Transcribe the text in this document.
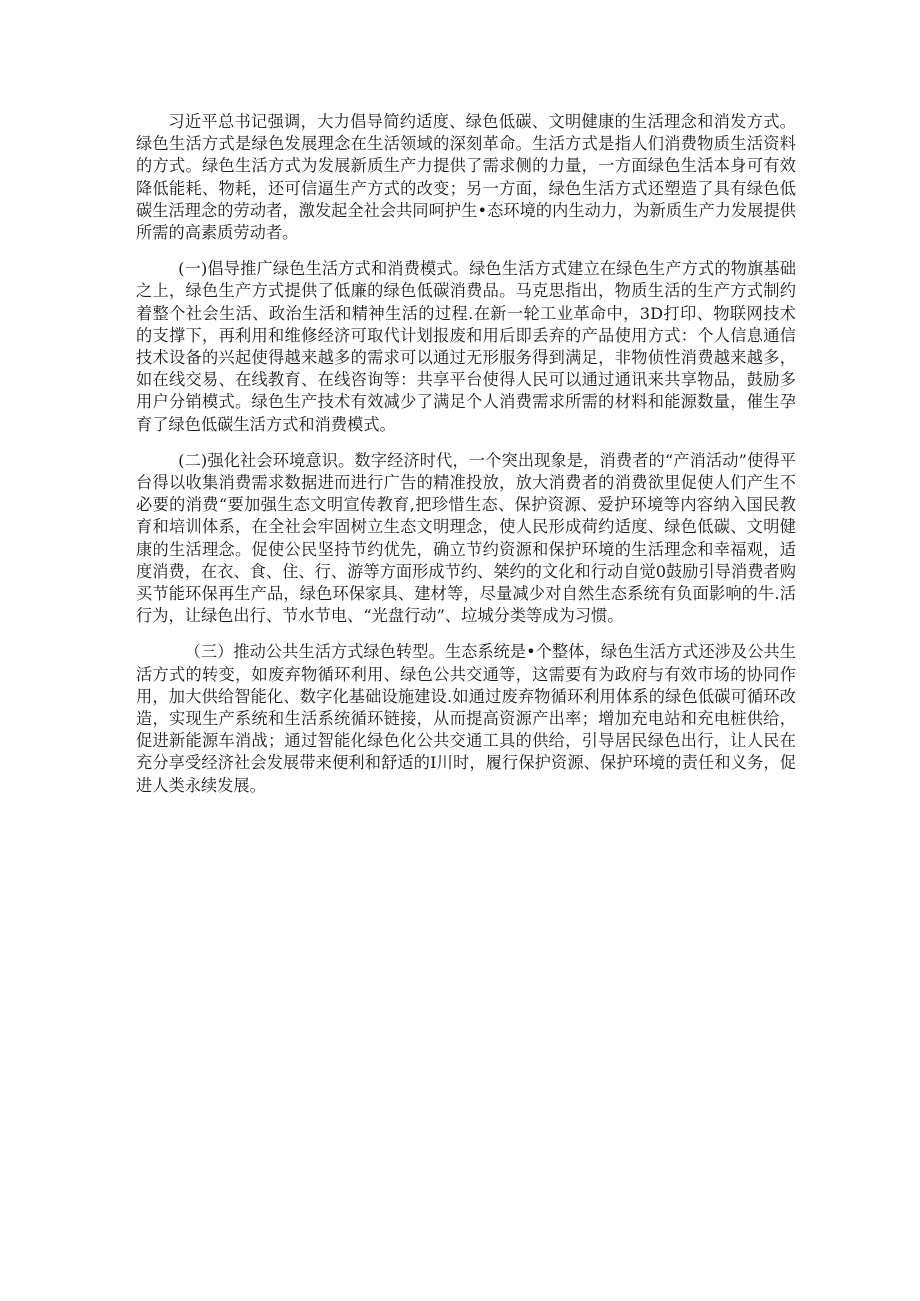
习近平总书记强调，大力倡导简约适度、绿色低碳、文明健康的生活理念和消发方式。绿色生活方式是绿色发展理念在生活领域的深刻革命。生活方式是指人们消费物质生活资料的方式。绿色生活方式为发展新质生产力提供了需求侧的力量，一方面绿色生活本身可有效降低能耗、物耗，还可信逼生产方式的改变；另一方面，绿色生活方式还塑造了具有绿色低碳生活理念的劳动者，激发起全社会共同呵护生•态环境的内生动力，为新质生产力发展提供所需的高素质劳动者。

(一)倡导推广绿色生活方式和消费模式。绿色生活方式建立在绿色生产方式的物旗基础之上，绿色生产方式提供了低廉的绿色低碳消费品。马克思指出，物质生活的生产方式制约着整个社会生活、政治生活和精神生活的过程.在新一轮工业革命中，3D打印、物联网技术的支撑下，再利用和维修经济可取代计划报废和用后即丢弃的产品使用方式：个人信息通信技术设备的兴起使得越来越多的需求可以通过无形服务得到满足，非物侦性消费越来越多，如在线交易、在线教育、在线咨询等：共享平台使得人民可以通过通讯来共享物品，鼓励多用户分销模式。绿色生产技术有效减少了满足个人消费需求所需的材料和能源数量，催生孕育了绿色低碳生活方式和消费模式。

(二)强化社会环境意识。数字经济时代，一个突出现象是，消费者的“产消活动”使得平台得以收集消费需求数据进而进行广告的精准投放，放大消费者的消费欲里促使人们产生不必要的消费“要加强生态文明宣传教育,把珍惜生态、保护资源、爱护环境等内容纳入国民教育和培训体系，在全社会牢固树立生态文明理念，使人民形成荷约适度、绿色低碳、文明健康的生活理念。促使公民坚持节约优先，确立节约资源和保护环境的生活理念和幸福观，适度消费，在衣、食、住、行、游等方面形成节约、桀约的文化和行动自觉0鼓励引导消费者购买节能环保再生产品，绿色环保家具、建材等，尽量减少对自然生态系统有负面影响的牛.活行为，让绿色出行、节水节电、“光盘行动”、垃城分类等成为习惯。

（三）推动公共生活方式绿色转型。生态系统是•个整体，绿色生活方式还涉及公共生活方式的转变，如废弃物循环利用、绿色公共交通等，这需要有为政府与有效市场的协同作用，加大供给智能化、数字化基础设施建设.如通过废弃物循环利用体系的绿色低碳可循环改造，实现生产系统和生活系统循环链接，从而提高资源产出率；增加充电站和充电桩供给，促进新能源车消战；通过智能化绿色化公共交通工具的供给，引导居民绿色出行，让人民在充分享受经济社会发展带来便利和舒适的I川时，履行保护资源、保护环境的责任和义务，促进人类永续发展。
